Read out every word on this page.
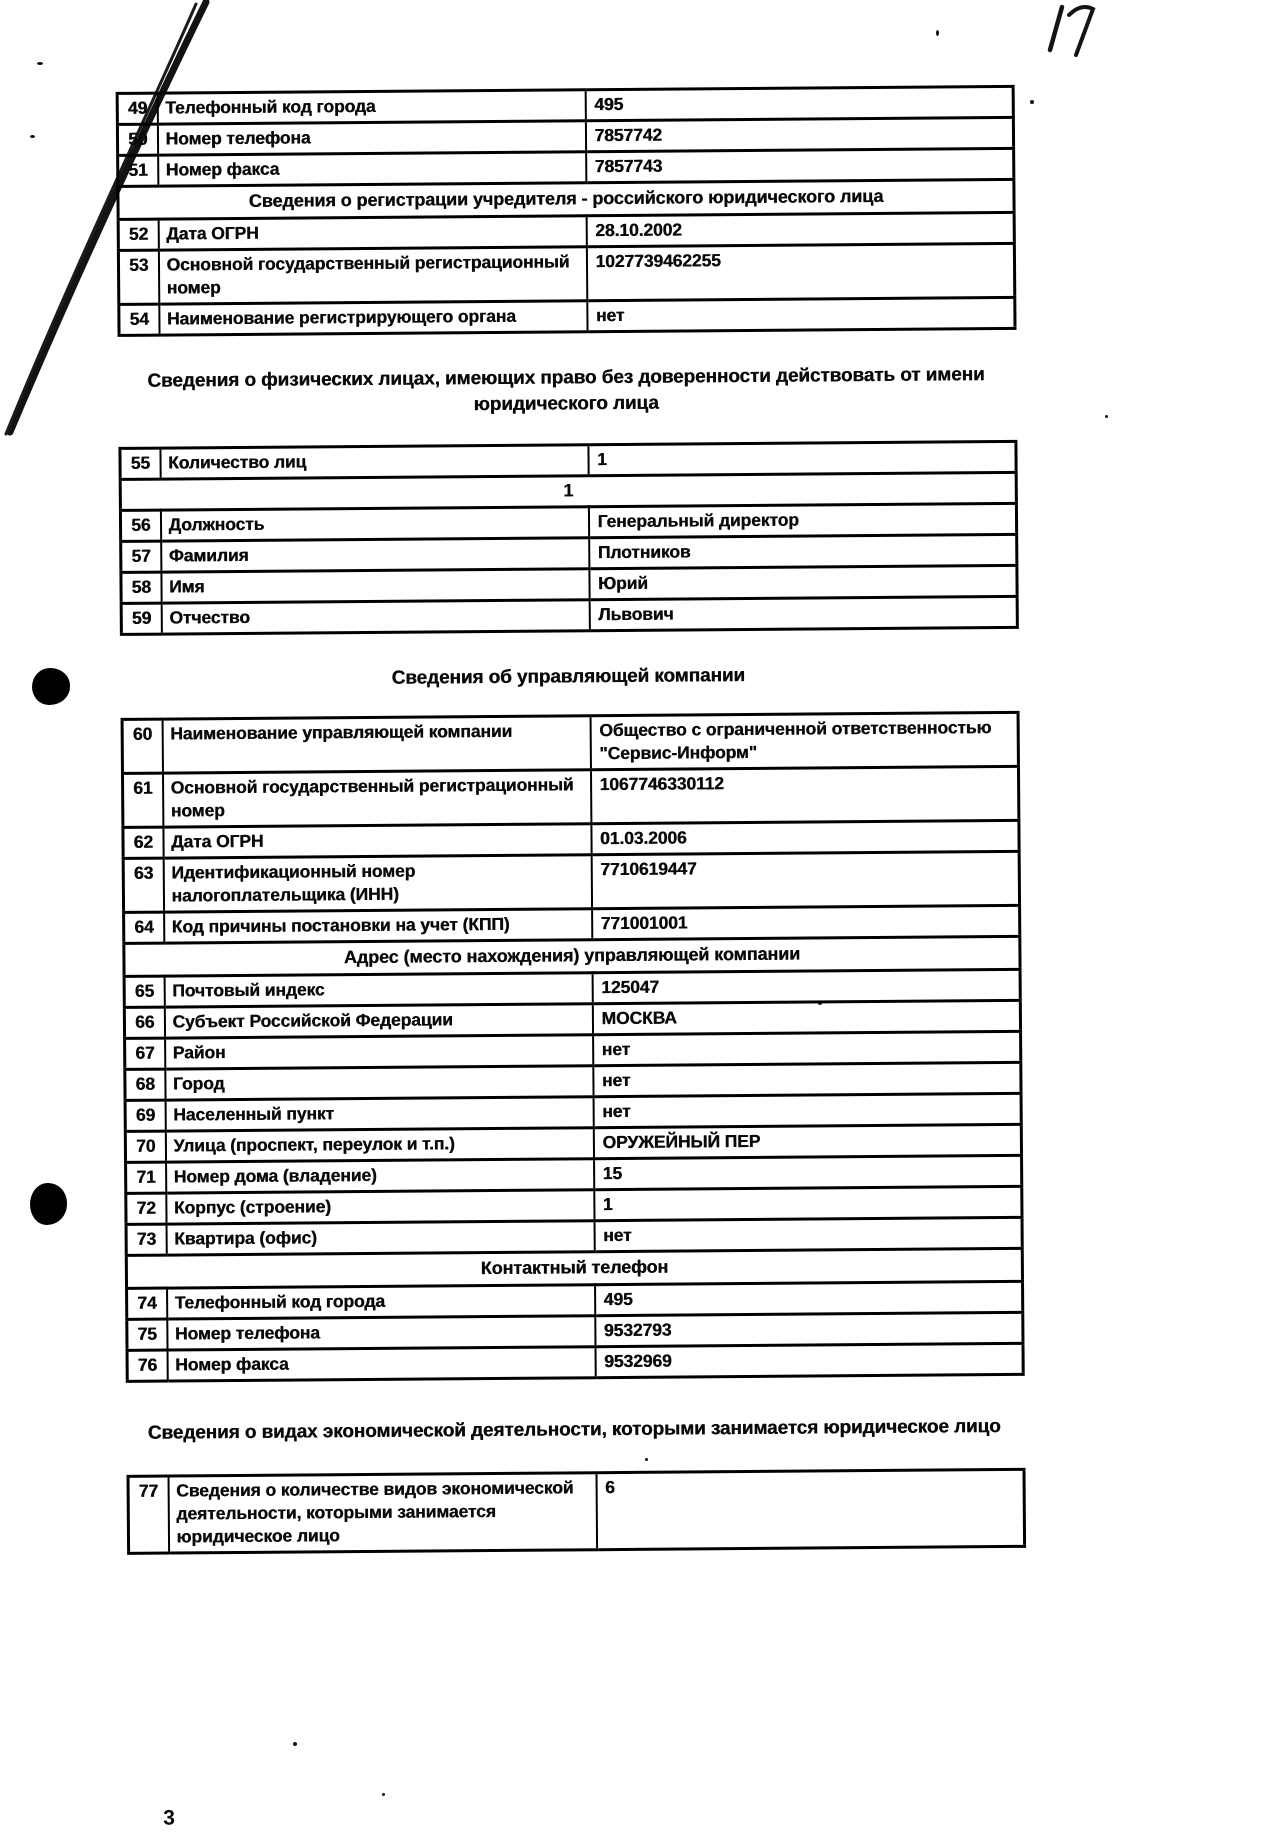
49	Телефонный код города	495
50	Номер телефона	7857742
51	Номер факса	7857743
Сведения о регистрации учредителя - российского юридического лица		
52	Дата ОГРН	28.10.2002
53	Основной государственный регистрационный номер	1027739462255
54	Наименование регистрирующего органа	нет
Сведения о физических лицах, имеющих право без доверенности действовать от имени юридического лица
55	Количество лиц	1
1		
56	Должность	Генеральный директор
57	Фамилия	Плотников
58	Имя	Юрий
59	Отчество	Львович
Сведения об управляющей компании
60	Наименование управляющей компании	Общество с ограниченной ответственностью "Сервис-Информ"
61	Основной государственный регистрационный номер	1067746330112
62	Дата ОГРН	01.03.2006
63	Идентификационный номер налогоплательщика (ИНН)	7710619447
64	Код причины постановки на учет (КПП)	771001001
Адрес (место нахождения) управляющей компании		
65	Почтовый индекс	125047
66	Субъект Российской Федерации	МОСКВА
67	Район	нет
68	Город	нет
69	Населенный пункт	нет
70	Улица (проспект, переулок и т.п.)	ОРУЖЕЙНЫЙ ПЕР
71	Номер дома (владение)	15
72	Корпус (строение)	1
73	Квартира (офис)	нет
Контактный телефон		
74	Телефонный код города	495
75	Номер телефона	9532793
76	Номер факса	9532969
Сведения о видах экономической деятельности, которыми занимается юридическое лицо
77	Сведения о количестве видов экономической деятельности, которыми занимается юридическое лицо	6
3
